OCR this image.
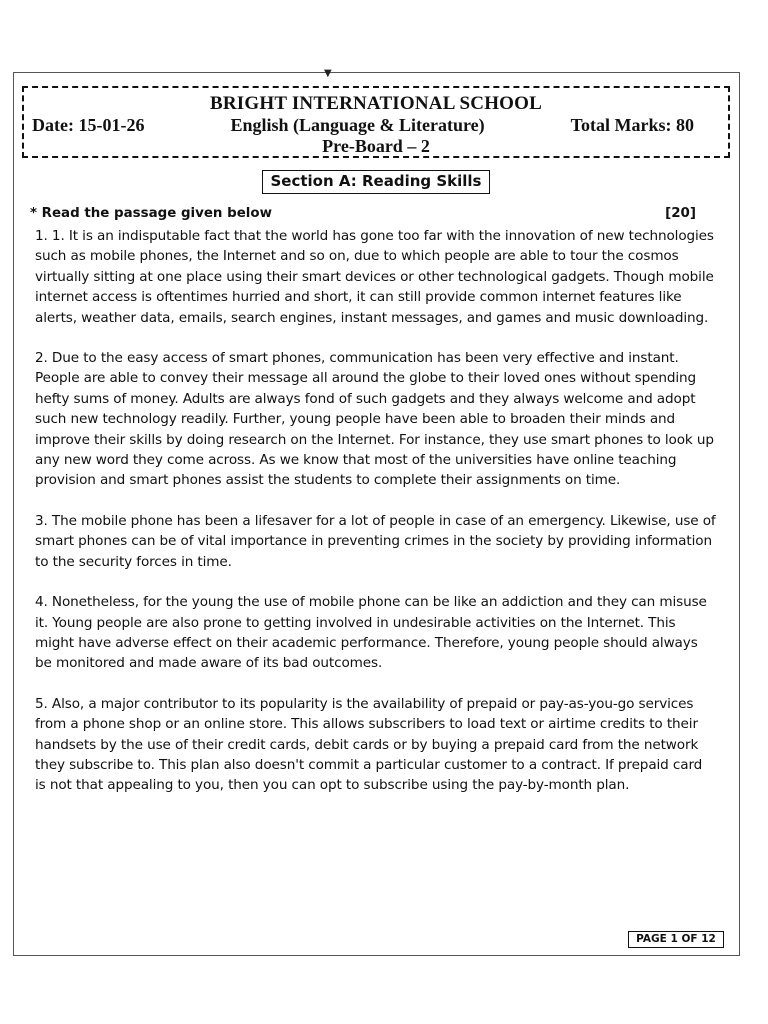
▼
BRIGHT INTERNATIONAL SCHOOL
Date: 15-01-26	English (Language & Literature)	Total Marks: 80
Pre-Board – 2
Section A: Reading Skills
* Read the passage given below	[20]

1. 1. It is an indisputable fact that the world has gone too far with the innovation of new technologies such as mobile phones, the Internet and so on, due to which people are able to tour the cosmos virtually sitting at one place using their smart devices or other technological gadgets. Though mobile internet access is oftentimes hurried and short, it can still provide common internet features like alerts, weather data, emails, search engines, instant messages, and games and music downloading.

2. Due to the easy access of smart phones, communication has been very effective and instant. People are able to convey their message all around the globe to their loved ones without spending hefty sums of money. Adults are always fond of such gadgets and they always welcome and adopt such new technology readily. Further, young people have been able to broaden their minds and improve their skills by doing research on the Internet. For instance, they use smart phones to look up any new word they come across. As we know that most of the universities have online teaching provision and smart phones assist the students to complete their assignments on time.

3. The mobile phone has been a lifesaver for a lot of people in case of an emergency. Likewise, use of smart phones can be of vital importance in preventing crimes in the society by providing information to the security forces in time.

4. Nonetheless, for the young the use of mobile phone can be like an addiction and they can misuse it. Young people are also prone to getting involved in undesirable activities on the Internet. This might have adverse effect on their academic performance. Therefore, young people should always be monitored and made aware of its bad outcomes.

5. Also, a major contributor to its popularity is the availability of prepaid or pay-as-you-go services from a phone shop or an online store. This allows subscribers to load text or airtime credits to their handsets by the use of their credit cards, debit cards or by buying a prepaid card from the network they subscribe to. This plan also doesn't commit a particular customer to a contract. If prepaid card is not that appealing to you, then you can opt to subscribe using the pay-by-month plan.

PAGE 1 OF 12
